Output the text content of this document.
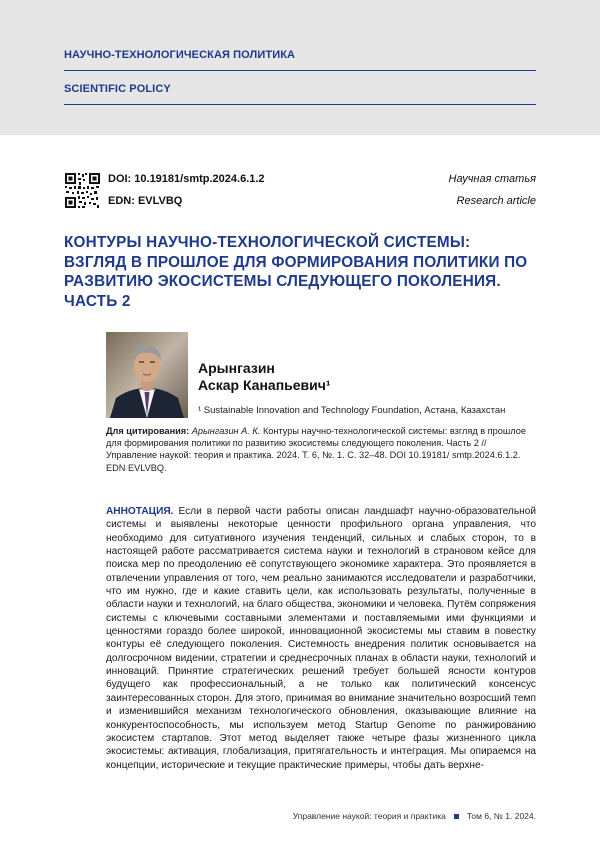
НАУЧНО-ТЕХНОЛОГИЧЕСКАЯ ПОЛИТИКА
SCIENTIFIC POLICY
DOI: 10.19181/smtp.2024.6.1.2
EDN: EVLVBQ
Научная статья
Research article
КОНТУРЫ НАУЧНО-ТЕХНОЛОГИЧЕСКОЙ СИСТЕМЫ: ВЗГЛЯД В ПРОШЛОЕ ДЛЯ ФОРМИРОВАНИЯ ПОЛИТИКИ ПО РАЗВИТИЮ ЭКОСИСТЕМЫ СЛЕДУЮЩЕГО ПОКОЛЕНИЯ. ЧАСТЬ 2
Арынгазин
Аскар Канапьевич¹
¹ Sustainable Innovation and Technology Foundation, Астана, Казахстан
Для цитирования: Арынгазин А. К. Контуры научно-технологической системы: взгляд в прошлое для формирования политики по развитию экосистемы следующего поколения. Часть 2 // Управление наукой: теория и практика. 2024. Т. 6, №. 1. С. 32–48. DOI 10.19181/ smtp.2024.6.1.2. EDN EVLVBQ.
АННОТАЦИЯ. Если в первой части работы описан ландшафт научно-образовательной системы и выявлены некоторые ценности профильного органа управления, что необходимо для ситуативного изучения тенденций, сильных и слабых сторон, то в настоящей работе рассматривается система науки и технологий в страновом кейсе для поиска мер по преодолению её сопутствующего экономике характера. Это проявляется в отвлечении управления от того, чем реально занимаются исследователи и разработчики, что им нужно, где и какие ставить цели, как использовать результаты, полученные в области науки и технологий, на благо общества, экономики и человека. Путём сопряжения системы с ключевыми составными элементами и поставляемыми ими функциями и ценностями гораздо более широкой, инновационной экосистемы мы ставим в повестку контуры её следующего поколения. Системность внедрения политик основывается на долгосрочном видении, стратегии и среднесрочных планах в области науки, технологий и инноваций. Принятие стратегических решений требует большей ясности контуров будущего как профессиональный, а не только как политический консенсус заинтересованных сторон. Для этого, принимая во внимание значительно возросший темп и изменившийся механизм технологического обновления, оказывающие влияние на конкурентоспособность, мы используем метод Startup Genome по ранжированию экосистем стартапов. Этот метод выделяет также четыре фазы жизненного цикла экосистемы: активация, глобализация, притягательность и интеграция. Мы опираемся на концепции, исторические и текущие практические примеры, чтобы дать верхне-
Управление наукой: теория и практика Том 6, № 1. 2024.
